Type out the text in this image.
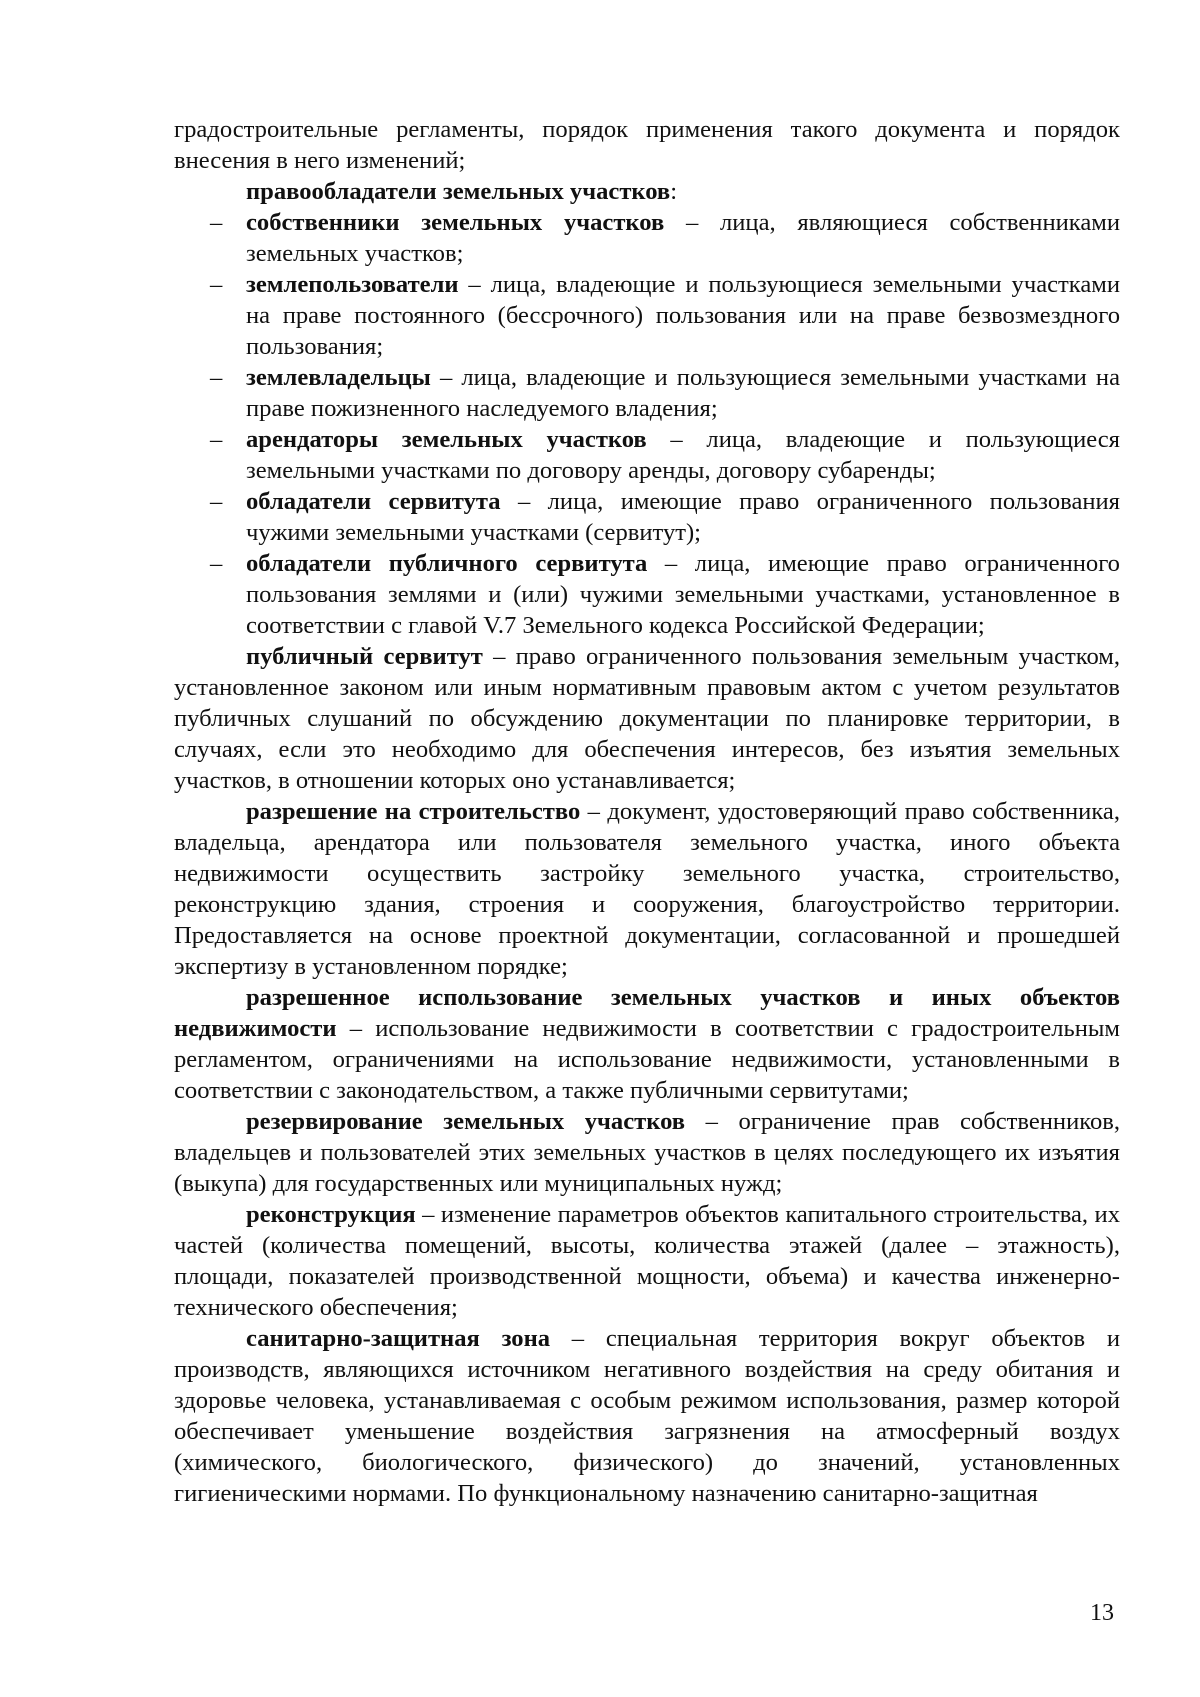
градостроительные регламенты, порядок применения такого документа и порядок внесения в него изменений;

правообладатели земельных участков:

– собственники земельных участков – лица, являющиеся собственниками земельных участков;
– землепользователи – лица, владеющие и пользующиеся земельными участками на праве постоянного (бессрочного) пользования или на праве безвозмездного пользования;
– землевладельцы – лица, владеющие и пользующиеся земельными участками на праве пожизненного наследуемого владения;
– арендаторы земельных участков – лица, владеющие и пользующиеся земельными участками по договору аренды, договору субаренды;
– обладатели сервитута – лица, имеющие право ограниченного пользования чужими земельными участками (сервитут);
– обладатели публичного сервитута – лица, имеющие право ограниченного пользования землями и (или) чужими земельными участками, установленное в соответствии с главой V.7 Земельного кодекса Российской Федерации;

публичный сервитут – право ограниченного пользования земельным участком, установленное законом или иным нормативным правовым актом с учетом результатов публичных слушаний по обсуждению документации по планировке территории, в случаях, если это необходимо для обеспечения интересов, без изъятия земельных участков, в отношении которых оно устанавливается;

разрешение на строительство – документ, удостоверяющий право собственника, владельца, арендатора или пользователя земельного участка, иного объекта недвижимости осуществить застройку земельного участка, строительство, реконструкцию здания, строения и сооружения, благоустройство территории. Предоставляется на основе проектной документации, согласованной и прошедшей экспертизу в установленном порядке;

разрешенное использование земельных участков и иных объектов недвижимости – использование недвижимости в соответствии с градостроительным регламентом, ограничениями на использование недвижимости, установленными в соответствии с законодательством, а также публичными сервитутами;

резервирование земельных участков – ограничение прав собственников, владельцев и пользователей этих земельных участков в целях последующего их изъятия (выкупа) для государственных или муниципальных нужд;

реконструкция – изменение параметров объектов капитального строительства, их частей (количества помещений, высоты, количества этажей (далее – этажность), площади, показателей производственной мощности, объема) и качества инженерно-технического обеспечения;

санитарно-защитная зона – специальная территория вокруг объектов и производств, являющихся источником негативного воздействия на среду обитания и здоровье человека, устанавливаемая с особым режимом использования, размер которой обеспечивает уменьшение воздействия загрязнения на атмосферный воздух (химического, биологического, физического) до значений, установленных гигиеническими нормами. По функциональному назначению санитарно-защитная

13
